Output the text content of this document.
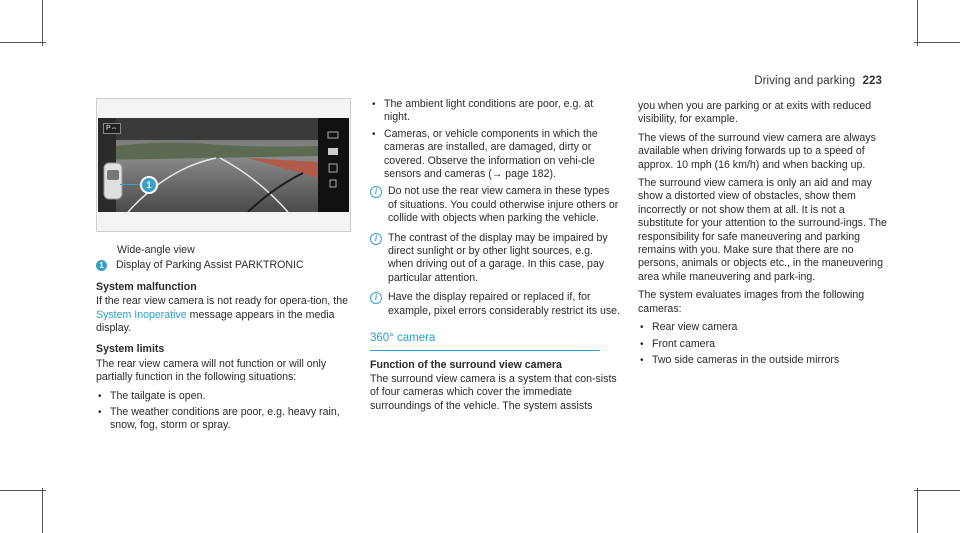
Driving and parking 223
P⇔
1

Wide-angle view

1	Display of Parking Assist PARKTRONIC
System malfunction

If the rear view camera is not ready for opera-tion, the System Inoperative message appears in the media display.

System limits

The rear view camera will not function or will only partially function in the following situations:

• The tailgate is open.
• The weather conditions are poor, e.g. heavy rain, snow, fog, storm or spray.
• The ambient light conditions are poor, e.g. at night.
• Cameras, or vehicle components in which the cameras are installed, are damaged, dirty or covered. Observe the information on vehi-cle sensors and cameras (→ page 182).
i	Do not use the rear view camera in these types of situations. You could otherwise injure others or collide with objects when parking the vehicle.
i	The contrast of the display may be impaired by direct sunlight or by other light sources, e.g. when driving out of a garage. In this case, pay particular attention.
i	Have the display repaired or replaced if, for example, pixel errors considerably restrict its use.
360° camera
Function of the surround view camera

The surround view camera is a system that con-sists of four cameras which cover the immediate surroundings of the vehicle. The system assists

you when you are parking or at exits with reduced visibility, for example.

The views of the surround view camera are always available when driving forwards up to a speed of approx. 10 mph (16 km/h) and when backing up.

The surround view camera is only an aid and may show a distorted view of obstacles, show them incorrectly or not show them at all. It is not a substitute for your attention to the surround-ings. The responsibility for safe maneuvering and parking remains with you. Make sure that there are no persons, animals or objects etc., in the maneuvering area while maneuvering and park-ing.

The system evaluates images from the following cameras:

• Rear view camera
• Front camera
• Two side cameras in the outside mirrors
